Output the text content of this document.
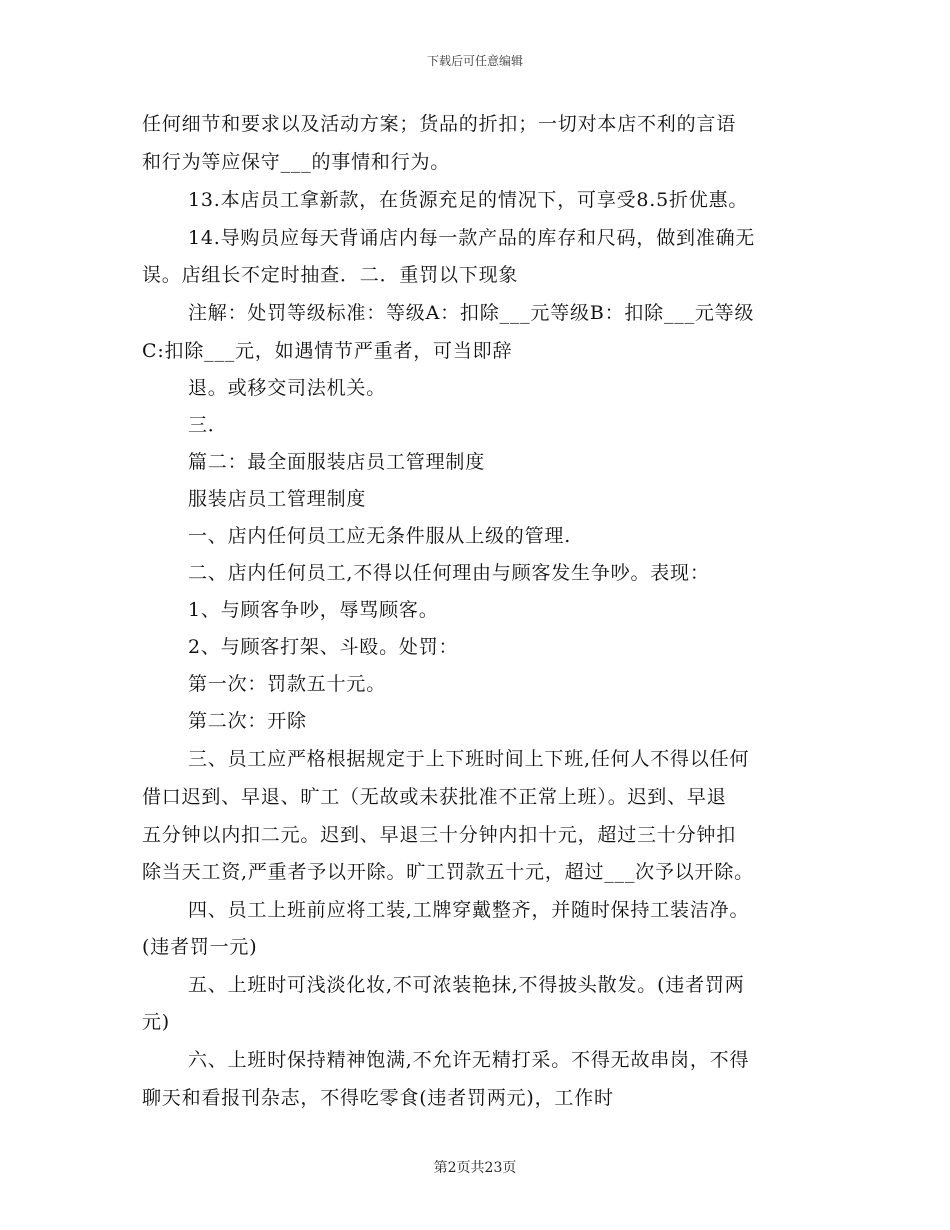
下载后可任意编辑
任何细节和要求以及活动方案；货品的折扣；一切对本店不利的言语
和行为等应保守___的事情和行为。
13.本店员工拿新款，在货源充足的情况下，可享受8.5折优惠。
14.导购员应每天背诵店内每一款产品的库存和尺码，做到准确无
误。店组长不定时抽查．二．重罚以下现象
注解：处罚等级标准：等级A：扣除___元等级B：扣除___元等级
C:扣除___元，如遇情节严重者，可当即辞
退。或移交司法机关。
三．
篇二：最全面服装店员工管理制度
服装店员工管理制度
一、店内任何员工应无条件服从上级的管理.
二、店内任何员工,不得以任何理由与顾客发生争吵。表现：
1、与顾客争吵，辱骂顾客。
2、与顾客打架、斗殴。处罚：
第一次：罚款五十元。
第二次：开除
三、员工应严格根据规定于上下班时间上下班,任何人不得以任何
借口迟到、早退、旷工（无故或未获批准不正常上班）。迟到、早退
五分钟以内扣二元。迟到、早退三十分钟内扣十元，超过三十分钟扣
除当天工资,严重者予以开除。旷工罚款五十元，超过___次予以开除。
四、员工上班前应将工装,工牌穿戴整齐，并随时保持工装洁净。
(违者罚一元)
五、上班时可浅淡化妆,不可浓装艳抹,不得披头散发。(违者罚两
元)
六、上班时保持精神饱满,不允许无精打采。不得无故串岗，不得
聊天和看报刊杂志，不得吃零食(违者罚两元)，工作时
第2页共23页
